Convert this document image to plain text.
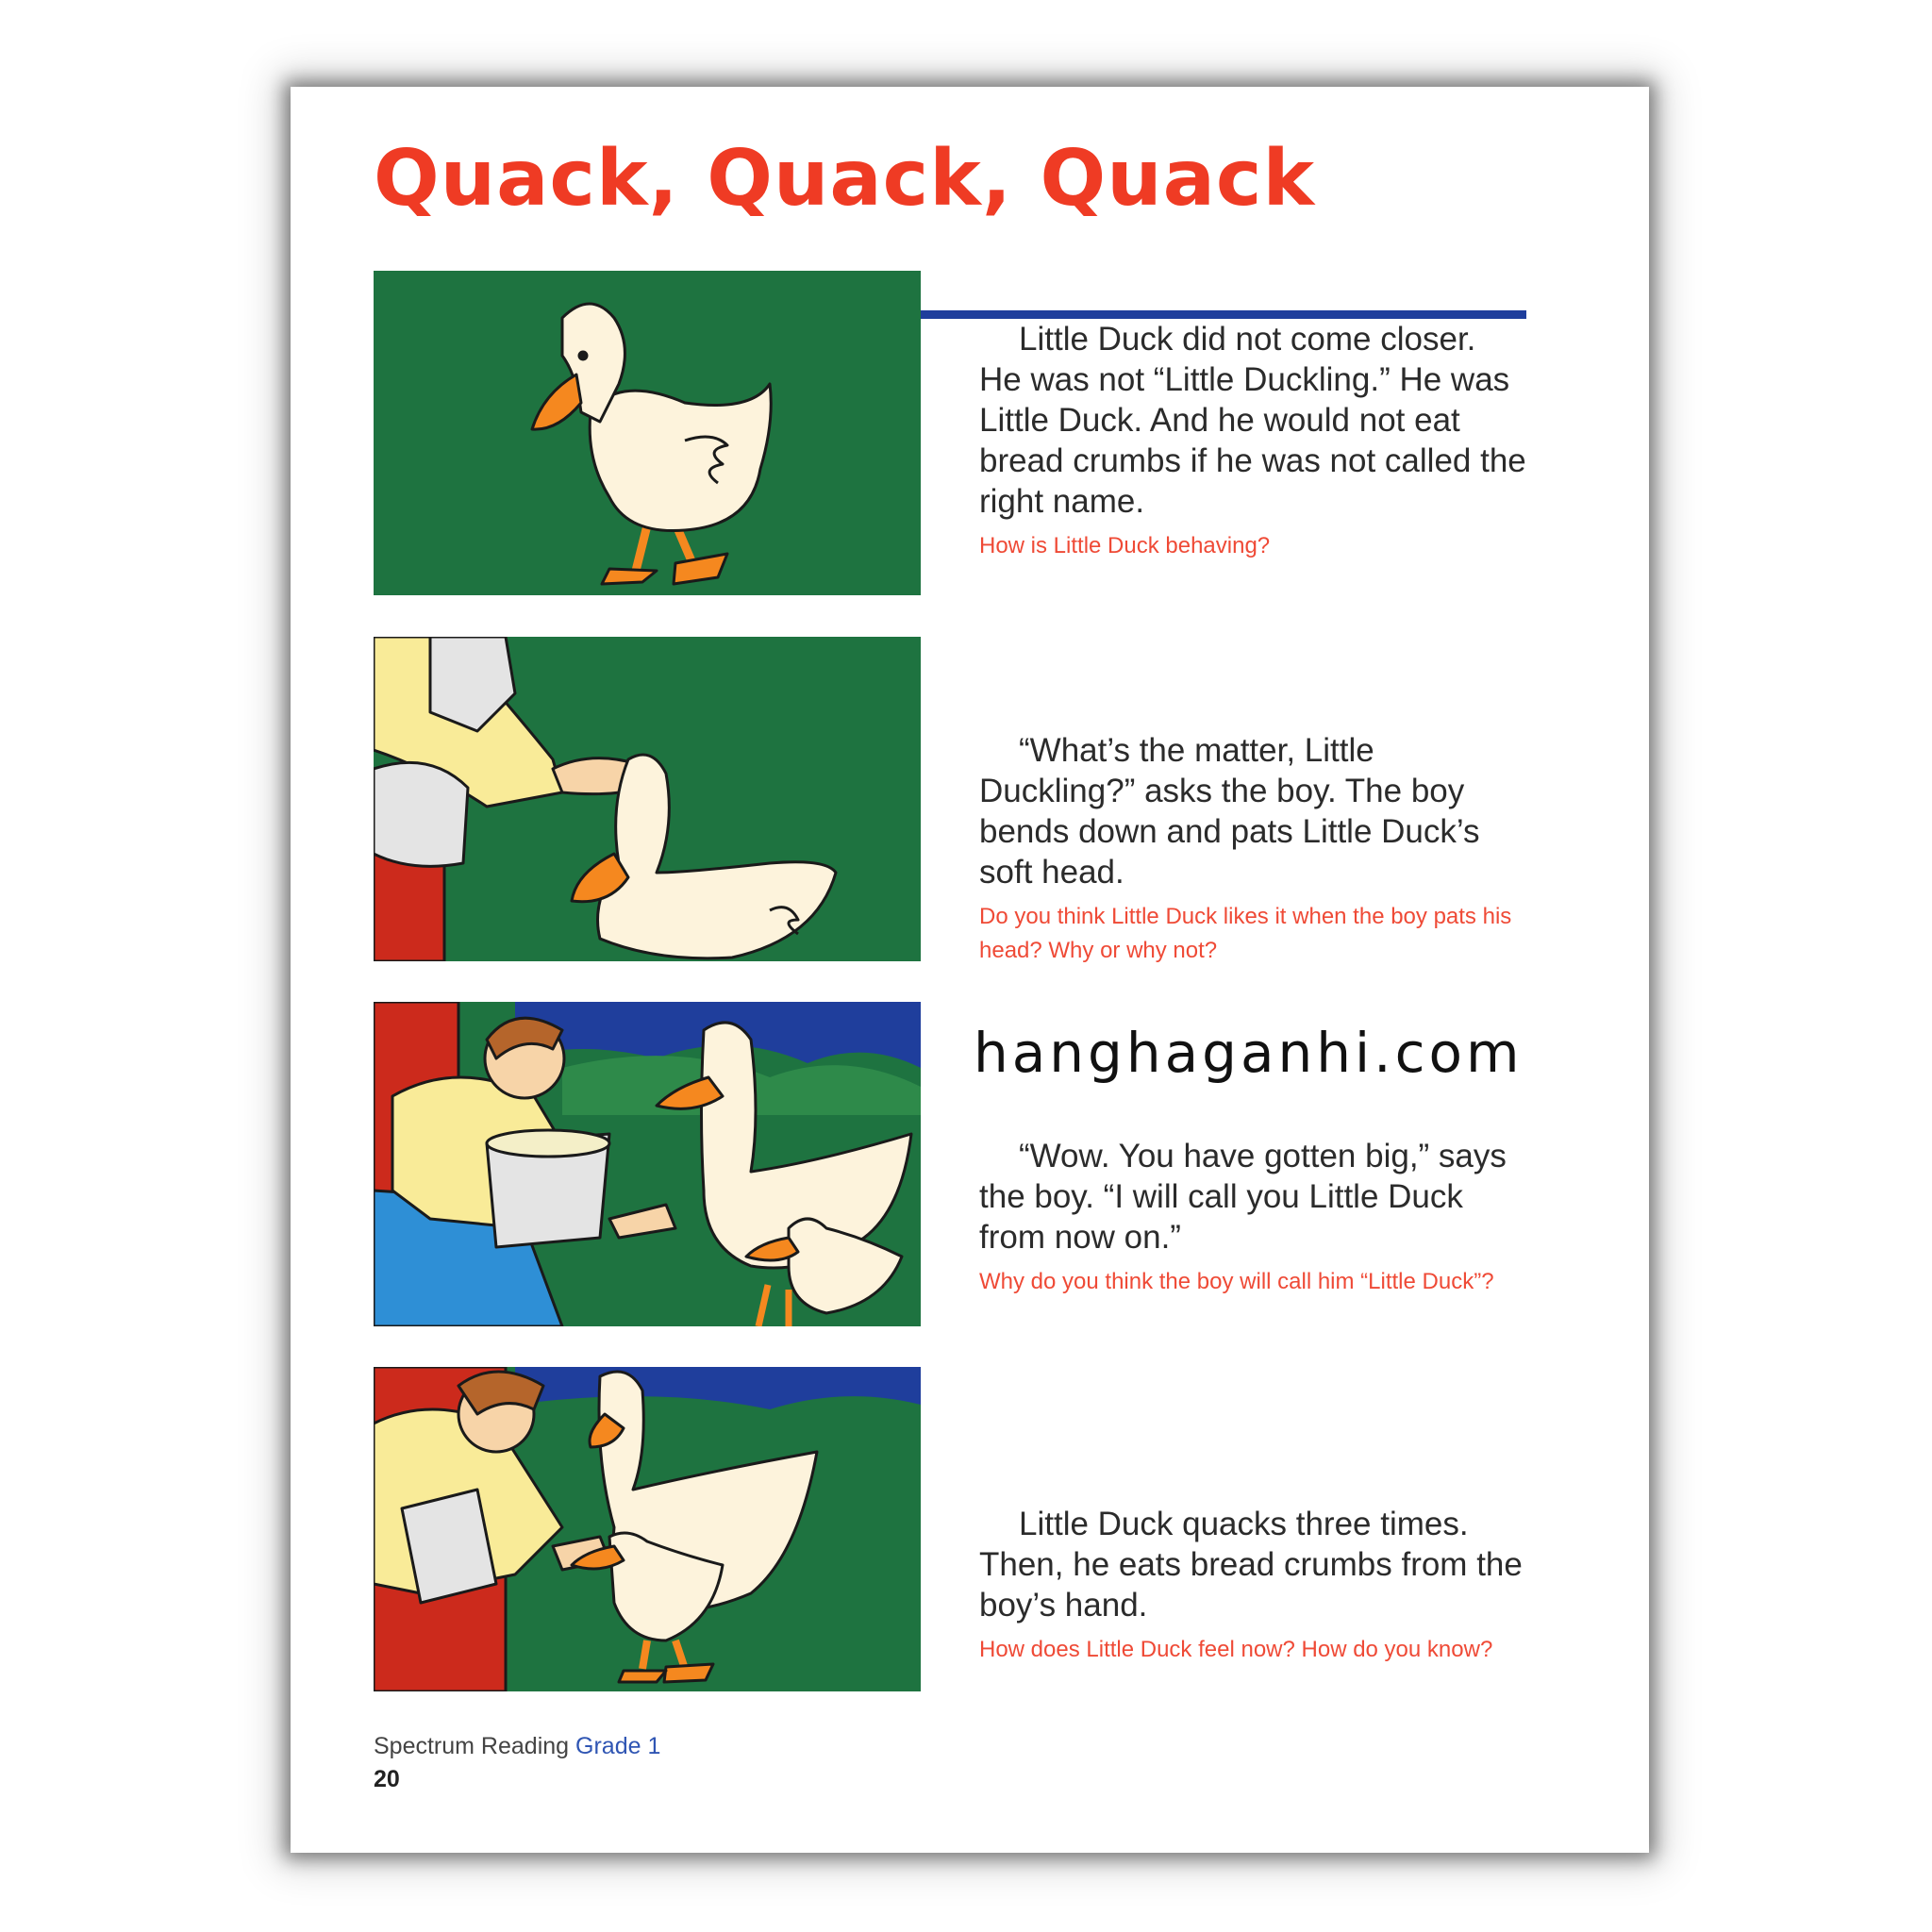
Quack, Quack, Quack

Little Duck did not come closer. He was not “Little Duckling.” He was Little Duck. And he would not eat bread crumbs if he was not called the right name.

How is Little Duck behaving?

“What’s the matter, Little Duckling?” asks the boy. The boy bends down and pats Little Duck’s soft head.

Do you think Little Duck likes it when the boy pats his head? Why or why not?

“Wow. You have gotten big,” says the boy. “I will call you Little Duck from now on.”

Why do you think the boy will call him “Little Duck”?

hanghaganhi.com

Little Duck quacks three times. Then, he eats bread crumbs from the boy’s hand.

How does Little Duck feel now? How do you know?

Spectrum Reading Grade 1
20
